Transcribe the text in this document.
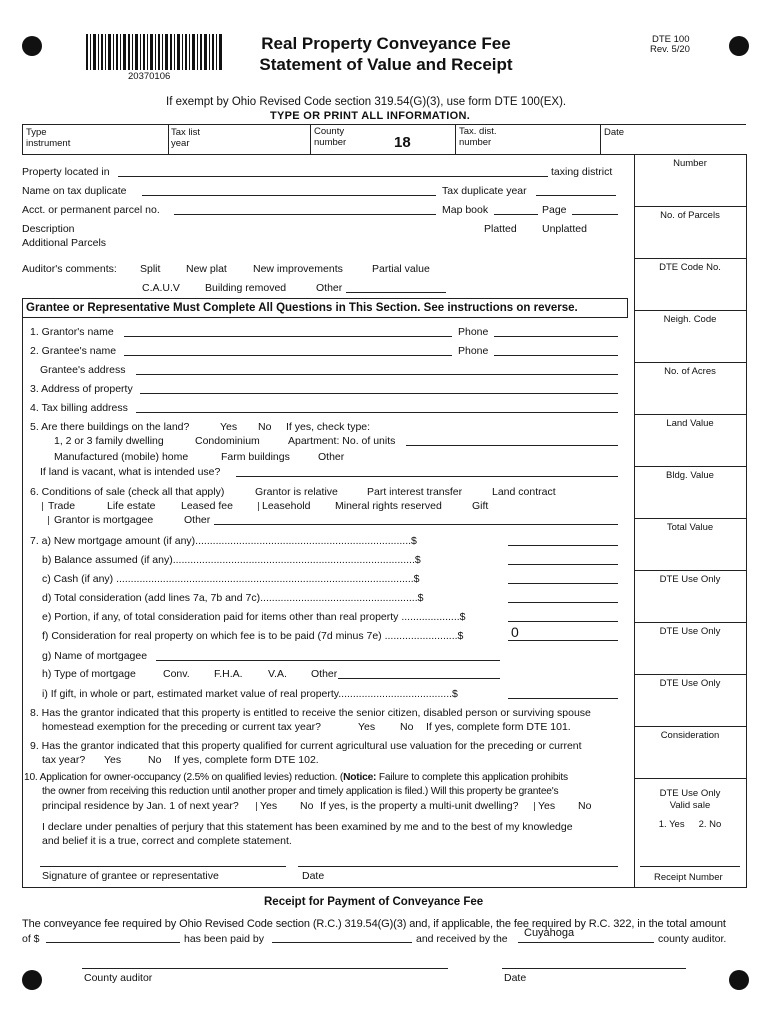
20370106
Real Property Conveyance Fee
Statement of Value and Receipt
DTE 100
Rev. 5/20
If exempt by Ohio Revised Code section 319.54(G)(3), use form DTE 100(EX).
TYPE OR PRINT ALL INFORMATION.
Type
instrument
Tax list
year
County
number	18
Tax. dist.
number
Date
Number
No. of Parcels
DTE Code No.
Neigh. Code
No. of Acres
Land Value
Bldg. Value
Total Value
DTE Use Only
DTE Use Only
DTE Use Only
Consideration
DTE Use Only
Valid sale
1. Yes 2. No
Receipt Number
Property located in	taxing district
Name on tax duplicate	Tax duplicate year
Acct. or permanent parcel no.	Map book	Page
Description	Platted Unplatted
Additional Parcels
Auditor's comments: Split New plat New improvements	Partial value
C.A.U.V Building removed	Other
Grantee or Representative Must Complete All Questions in This Section. See instructions on reverse.
1. Grantor's name	Phone
2. Grantee's name	Phone
Grantee's address
3. Address of property
4. Tax billing address
5. Are there buildings on the land?	Yes No If yes, check type:
1, 2 or 3 family dwelling	Condominium	Apartment: No. of units
Manufactured (mobile) home	Farm buildings	Other
If land is vacant, what is intended use?
6. Conditions of sale (check all that apply)	Grantor is relative	Part interest transfer	Land contract
Trade	Life estate Leased fee	Leasehold Mineral rights reserved	Gift
Grantor is mortgagee	Other
7. a) New mortgage amount (if any)..........................................................................$
b) Balance assumed (if any)...................................................................................$
c) Cash (if any) ......................................................................................................$
d) Total consideration (add lines 7a, 7b and 7c)......................................................$
e) Portion, if any, of total consideration paid for items other than real property ....................$
f) Consideration for real property on which fee is to be paid (7d minus 7e) .........................$	0
g) Name of mortgagee
h) Type of mortgage	Conv. F.H.A. V.A. Other
i) If gift, in whole or part, estimated market value of real property.......................................$
8. Has the grantor indicated that this property is entitled to receive the senior citizen, disabled person or surviving spouse
homestead exemption for the preceding or current tax year?	Yes No If yes, complete form DTE 101.
9. Has the grantor indicated that this property qualified for current agricultural use valuation for the preceding or current
tax year? Yes	No If yes, complete form DTE 102.
10. Application for owner-occupancy (2.5% on qualified levies) reduction. (Notice: Failure to complete this application prohibits
the owner from receiving this reduction until another proper and timely application is filed.) Will this property be grantee's
principal residence by Jan. 1 of next year? Yes No If yes, is the property a multi-unit dwelling? Yes No
I declare under penalties of perjury that this statement has been examined by me and to the best of my knowledge
and belief it is a true, correct and complete statement.
Signature of grantee or representative	Date
Receipt for Payment of Conveyance Fee
The conveyance fee required by Ohio Revised Code section (R.C.) 319.54(G)(3) and, if applicable, the fee required by R.C. 322, in the total amount
of $	has been paid by	and received by the Cuyahoga	county auditor.
County auditor	Date
